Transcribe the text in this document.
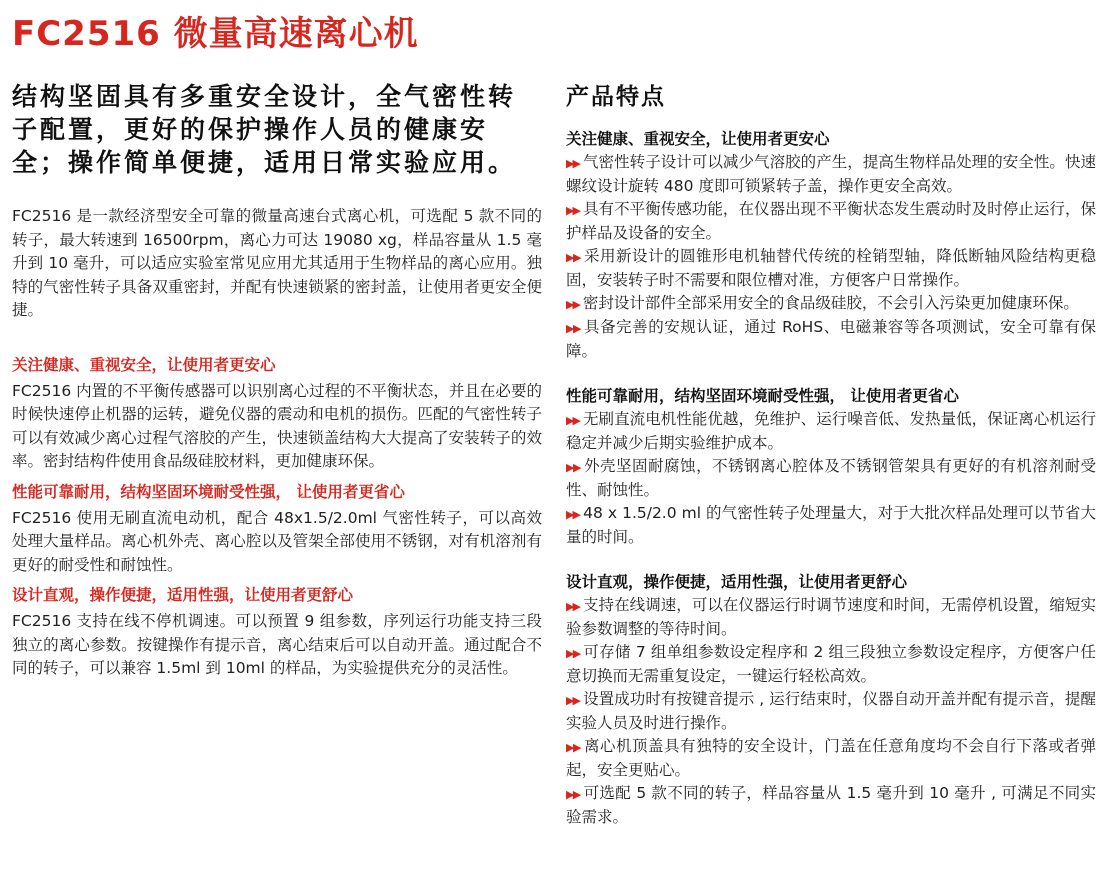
FC2516 微量高速离心机
结构坚固具有多重安全设计，全气密性转子配置，更好的保护操作人员的健康安全；操作简单便捷，适用日常实验应用。

FC2516 是一款经济型安全可靠的微量高速台式离心机，可选配 5 款不同的转子，最大转速到 16500rpm，离心力可达 19080 xg，样品容量从 1.5 毫升到 10 毫升，可以适应实验室常见应用尤其适用于生物样品的离心应用。独特的气密性转子具备双重密封，并配有快速锁紧的密封盖，让使用者更安全便捷。

关注健康、重视安全，让使用者更安心

FC2516 内置的不平衡传感器可以识别离心过程的不平衡状态，并且在必要的时候快速停止机器的运转，避免仪器的震动和电机的损伤。匹配的气密性转子可以有效减少离心过程气溶胶的产生，快速锁盖结构大大提高了安装转子的效率。密封结构件使用食品级硅胶材料，更加健康环保。

性能可靠耐用，结构坚固环境耐受性强， 让使用者更省心

FC2516 使用无刷直流电动机，配合 48x1.5/2.0ml 气密性转子，可以高效处理大量样品。离心机外壳、离心腔以及管架全部使用不锈钢，对有机溶剂有更好的耐受性和耐蚀性。

设计直观，操作便捷，适用性强，让使用者更舒心

FC2516 支持在线不停机调速。可以预置 9 组参数，序列运行功能支持三段独立的离心参数。按键操作有提示音，离心结束后可以自动开盖。通过配合不同的转子，可以兼容 1.5ml 到 10ml 的样品，为实验提供充分的灵活性。

产品特点

关注健康、重视安全，让使用者更安心

▶▶ 气密性转子设计可以减少气溶胶的产生，提高生物样品处理的安全性。快速螺纹设计旋转 480 度即可锁紧转子盖，操作更安全高效。

▶▶ 具有不平衡传感功能，在仪器出现不平衡状态发生震动时及时停止运行，保护样品及设备的安全。

▶▶ 采用新设计的圆锥形电机轴替代传统的栓销型轴，降低断轴风险结构更稳固，安装转子时不需要和限位槽对准，方便客户日常操作。

▶▶ 密封设计部件全部采用安全的食品级硅胶，不会引入污染更加健康环保。

▶▶ 具备完善的安规认证，通过 RoHS、电磁兼容等各项测试，安全可靠有保障。

性能可靠耐用，结构坚固环境耐受性强， 让使用者更省心

▶▶ 无刷直流电机性能优越，免维护、运行噪音低、发热量低，保证离心机运行稳定并减少后期实验维护成本。

▶▶ 外壳坚固耐腐蚀，不锈钢离心腔体及不锈钢管架具有更好的有机溶剂耐受性、耐蚀性。

▶▶ 48 x 1.5/2.0 ml 的气密性转子处理量大，对于大批次样品处理可以节省大量的时间。

设计直观，操作便捷，适用性强，让使用者更舒心

▶▶ 支持在线调速，可以在仪器运行时调节速度和时间，无需停机设置，缩短实验参数调整的等待时间。

▶▶ 可存储 7 组单组参数设定程序和 2 组三段独立参数设定程序，方便客户任意切换而无需重复设定，一键运行轻松高效。

▶▶ 设置成功时有按键音提示 , 运行结束时，仪器自动开盖并配有提示音，提醒实验人员及时进行操作。

▶▶ 离心机顶盖具有独特的安全设计，门盖在任意角度均不会自行下落或者弹起，安全更贴心。

▶▶ 可选配 5 款不同的转子，样品容量从 1.5 毫升到 10 毫升 , 可满足不同实验需求。
